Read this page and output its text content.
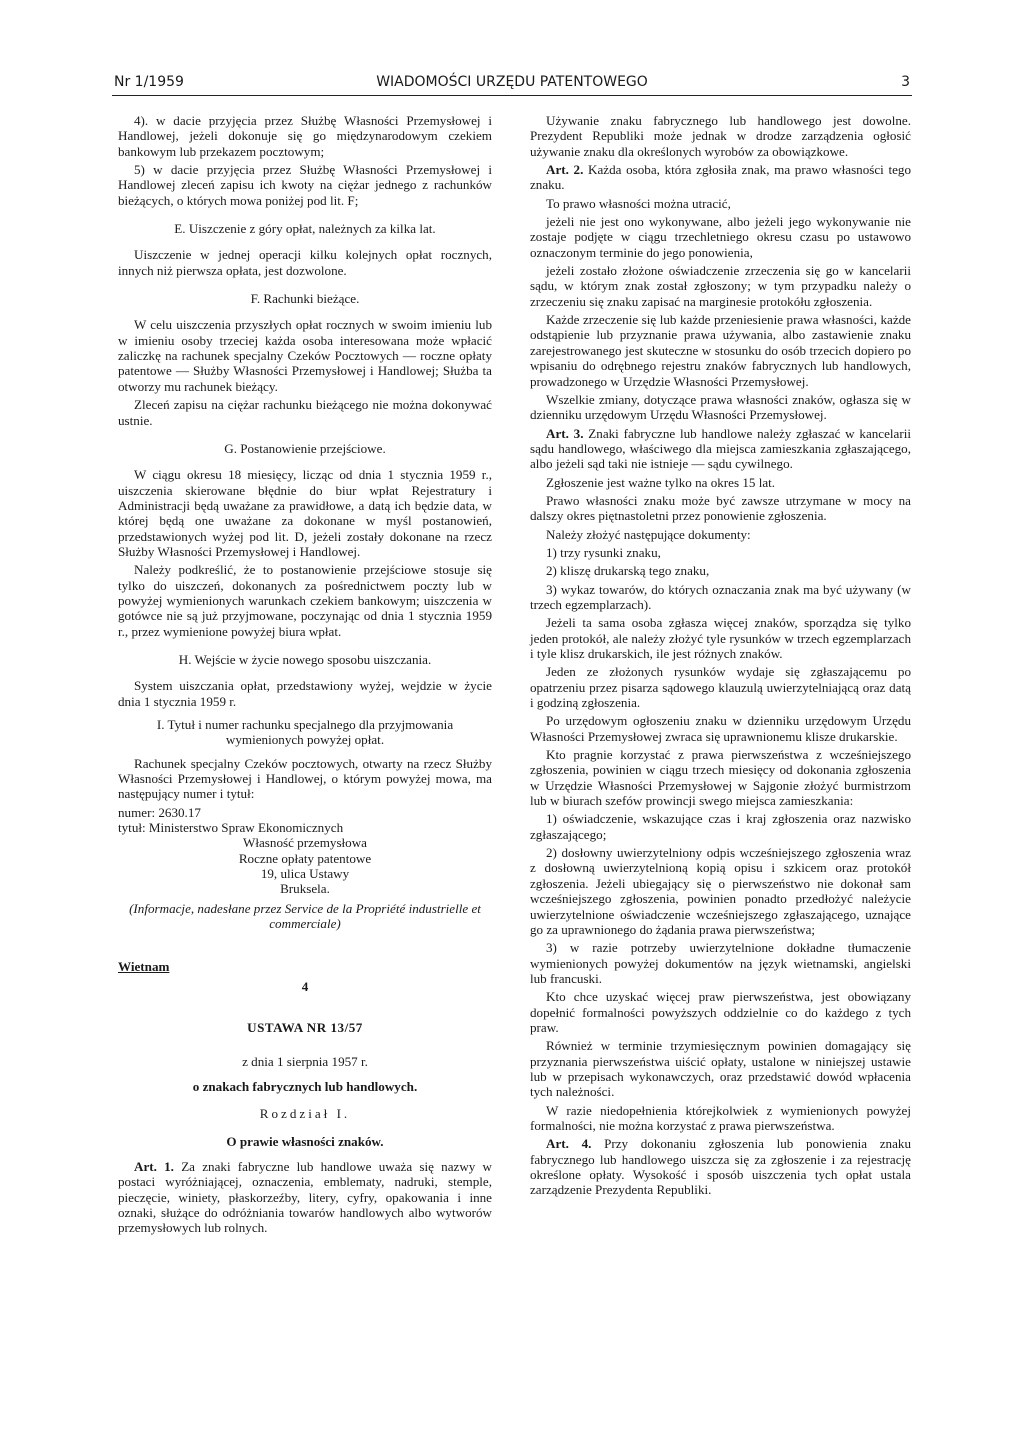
Nr 1/1959	WIADOMOŚCI URZĘDU PATENTOWEGO	3

4). w dacie przyjęcia przez Służbę Własności Przemysłowej i Handlowej, jeżeli dokonuje się go międzynarodowym czekiem bankowym lub przekazem pocztowym;

5) w dacie przyjęcia przez Służbę Własności Przemysłowej i Handlowej zleceń zapisu ich kwoty na ciężar jednego z rachunków bieżących, o których mowa poniżej pod lit. F;

E. Uiszczenie z góry opłat, należnych za kilka lat.

Uiszczenie w jednej operacji kilku kolejnych opłat rocznych, innych niż pierwsza opłata, jest dozwolone.

F. Rachunki bieżące.

W celu uiszczenia przyszłych opłat rocznych w swoim imieniu lub w imieniu osoby trzeciej każda osoba interesowana może wpłacić zaliczkę na rachunek specjalny Czeków Pocztowych — roczne opłaty patentowe — Służby Własności Przemysłowej i Handlowej; Służba ta otworzy mu rachunek bieżący.

Zleceń zapisu na ciężar rachunku bieżącego nie można dokonywać ustnie.

G. Postanowienie przejściowe.

W ciągu okresu 18 miesięcy, licząc od dnia 1 stycznia 1959 r., uiszczenia skierowane błędnie do biur wpłat Rejestratury i Administracji będą uważane za prawidłowe, a datą ich będzie data, w której będą one uważane za dokonane w myśl postanowień, przedstawionych wyżej pod lit. D, jeżeli zostały dokonane na rzecz Służby Własności Przemysłowej i Handlowej.

Należy podkreślić, że to postanowienie przejściowe stosuje się tylko do uiszczeń, dokonanych za pośrednictwem poczty lub w powyżej wymienionych warunkach czekiem bankowym; uiszczenia w gotówce nie są już przyjmowane, poczynając od dnia 1 stycznia 1959 r., przez wymienione powyżej biura wpłat.

H. Wejście w życie nowego sposobu uiszczania.

System uiszczania opłat, przedstawiony wyżej, wejdzie w życie dnia 1 stycznia 1959 r.

I. Tytuł i numer rachunku specjalnego dla przyjmowania wymienionych powyżej opłat.

Rachunek specjalny Czeków pocztowych, otwarty na rzecz Służby Własności Przemysłowej i Handlowej, o którym powyżej mowa, ma następujący numer i tytuł:

numer: 2630.17
tytuł: Ministerstwo Spraw Ekonomicznych
Własność przemysłowa
Roczne opłaty patentowe
19, ulica Ustawy
Bruksela.

(Informacje, nadesłane przez Service de la Propriété industrielle et commerciale)

Wietnam

4

USTAWA NR 13/57

z dnia 1 sierpnia 1957 r.

o znakach fabrycznych lub handlowych.

Rozdział I.

O prawie własności znaków.

Art. 1. Za znaki fabryczne lub handlowe uważa się nazwy w postaci wyróżniającej, oznaczenia, emblematy, nadruki, stemple, pieczęcie, winiety, płaskorzeźby, litery, cyfry, opakowania i inne oznaki, służące do odróżniania towarów handlowych albo wytworów przemysłowych lub rolnych.

Używanie znaku fabrycznego lub handlowego jest dowolne. Prezydent Republiki może jednak w drodze zarządzenia ogłosić używanie znaku dla określonych wyrobów za obowiązkowe.

Art. 2. Każda osoba, która zgłosiła znak, ma prawo własności tego znaku.

To prawo własności można utracić,

jeżeli nie jest ono wykonywane, albo jeżeli jego wykonywanie nie zostaje podjęte w ciągu trzechletniego okresu czasu po ustawowo oznaczonym terminie do jego ponowienia,

jeżeli zostało złożone oświadczenie zrzeczenia się go w kancelarii sądu, w którym znak został zgłoszony; w tym przypadku należy o zrzeczeniu się znaku zapisać na marginesie protokółu zgłoszenia.

Każde zrzeczenie się lub każde przeniesienie prawa własności, każde odstąpienie lub przyznanie prawa używania, albo zastawienie znaku zarejestrowanego jest skuteczne w stosunku do osób trzecich dopiero po wpisaniu do odrębnego rejestru znaków fabrycznych lub handlowych, prowadzonego w Urzędzie Własności Przemysłowej.

Wszelkie zmiany, dotyczące prawa własności znaków, ogłasza się w dzienniku urzędowym Urzędu Własności Przemysłowej.

Art. 3. Znaki fabryczne lub handlowe należy zgłaszać w kancelarii sądu handlowego, właściwego dla miejsca zamieszkania zgłaszającego, albo jeżeli sąd taki nie istnieje — sądu cywilnego.

Zgłoszenie jest ważne tylko na okres 15 lat.

Prawo własności znaku może być zawsze utrzymane w mocy na dalszy okres piętnastoletni przez ponowienie zgłoszenia.

Należy złożyć następujące dokumenty:

1) trzy rysunki znaku,

2) kliszę drukarską tego znaku,

3) wykaz towarów, do których oznaczania znak ma być używany (w trzech egzemplarzach).

Jeżeli ta sama osoba zgłasza więcej znaków, sporządza się tylko jeden protokół, ale należy złożyć tyle rysunków w trzech egzemplarzach i tyle klisz drukarskich, ile jest różnych znaków.

Jeden ze złożonych rysunków wydaje się zgłaszającemu po opatrzeniu przez pisarza sądowego klauzulą uwierzytelniającą oraz datą i godziną zgłoszenia.

Po urzędowym ogłoszeniu znaku w dzienniku urzędowym Urzędu Własności Przemysłowej zwraca się uprawnionemu klisze drukarskie.

Kto pragnie korzystać z prawa pierwszeństwa z wcześniejszego zgłoszenia, powinien w ciągu trzech miesięcy od dokonania zgłoszenia w Urzędzie Własności Przemysłowej w Sajgonie złożyć burmistrzom lub w biurach szefów prowincji swego miejsca zamieszkania:

1) oświadczenie, wskazujące czas i kraj zgłoszenia oraz nazwisko zgłaszającego;

2) dosłowny uwierzytelniony odpis wcześniejszego zgłoszenia wraz z dosłowną uwierzytelnioną kopią opisu i szkicem oraz protokół zgłoszenia. Jeżeli ubiegający się o pierwszeństwo nie dokonał sam wcześniejszego zgłoszenia, powinien ponadto przedłożyć należycie uwierzytelnione oświadczenie wcześniejszego zgłaszającego, uznające go za uprawnionego do żądania prawa pierwszeństwa;

3) w razie potrzeby uwierzytelnione dokładne tłumaczenie wymienionych powyżej dokumentów na język wietnamski, angielski lub francuski.

Kto chce uzyskać więcej praw pierwszeństwa, jest obowiązany dopełnić formalności powyższych oddzielnie co do każdego z tych praw.

Również w terminie trzymiesięcznym powinien domagający się przyznania pierwszeństwa uiścić opłaty, ustalone w niniejszej ustawie lub w przepisach wykonawczych, oraz przedstawić dowód wpłacenia tych należności.

W razie niedopełnienia którejkolwiek z wymienionych powyżej formalności, nie można korzystać z prawa pierwszeństwa.

Art. 4. Przy dokonaniu zgłoszenia lub ponowienia znaku fabrycznego lub handlowego uiszcza się za zgłoszenie i za rejestrację określone opłaty. Wysokość i sposób uiszczenia tych opłat ustala zarządzenie Prezydenta Republiki.
